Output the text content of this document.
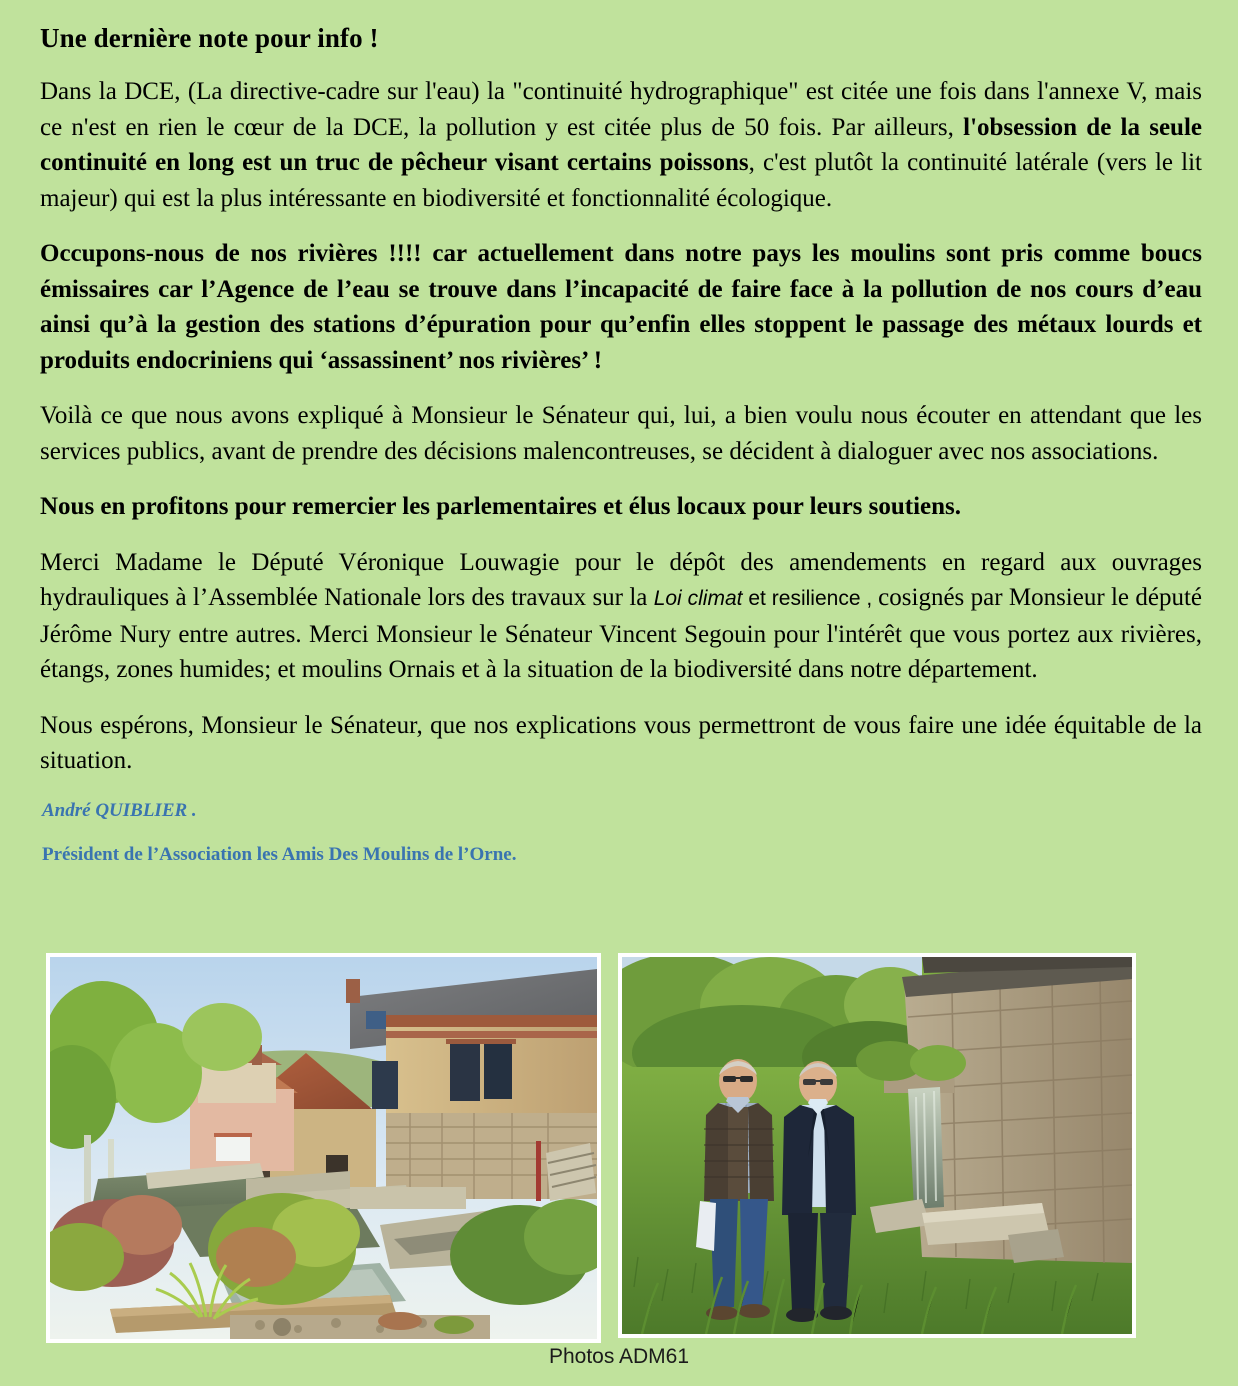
Une dernière note pour info !

Dans la DCE, (La directive-cadre sur l'eau) la "continuité hydrographique" est citée une fois dans l'annexe V, mais ce n'est en rien le cœur de la DCE, la pollution y est citée plus de 50 fois. Par ailleurs, l'obsession de la seule continuité en long est un truc de pêcheur visant certains poissons, c'est plutôt la continuité latérale (vers le lit majeur) qui est la plus intéressante en biodiversité et fonctionnalité écologique.

Occupons-nous de nos rivières !!!! car actuellement dans notre pays les moulins sont pris comme boucs émissaires car l’Agence de l’eau se trouve dans l’incapacité de faire face à la pollution de nos cours d’eau ainsi qu’à la gestion des stations d’épuration pour qu’enfin elles stoppent le passage des métaux lourds et produits endocriniens qui ‘assassinent’ nos rivières’ !

Voilà ce que nous avons expliqué à Monsieur le Sénateur qui, lui, a bien voulu nous écouter en attendant que les services publics, avant de prendre des décisions malencontreuses, se décident à dialoguer avec nos associations.

Nous en profitons pour remercier les parlementaires et élus locaux pour leurs soutiens.

Merci Madame le Député Véronique Louwagie pour le dépôt des amendements en regard aux ouvrages hydrauliques à l’Assemblée Nationale lors des travaux sur la Loi climat et resilience , cosignés par Monsieur le député Jérôme Nury entre autres. Merci Monsieur le Sénateur Vincent Segouin pour l'intérêt que vous portez aux rivières, étangs, zones humides; et moulins Ornais et à la situation de la biodiversité dans notre département.

Nous espérons, Monsieur le Sénateur, que nos explications vous permettront de vous faire une idée équitable de la situation.

André QUIBLIER .

Président de l’Association les Amis Des Moulins de l’Orne.

Photos ADM61
